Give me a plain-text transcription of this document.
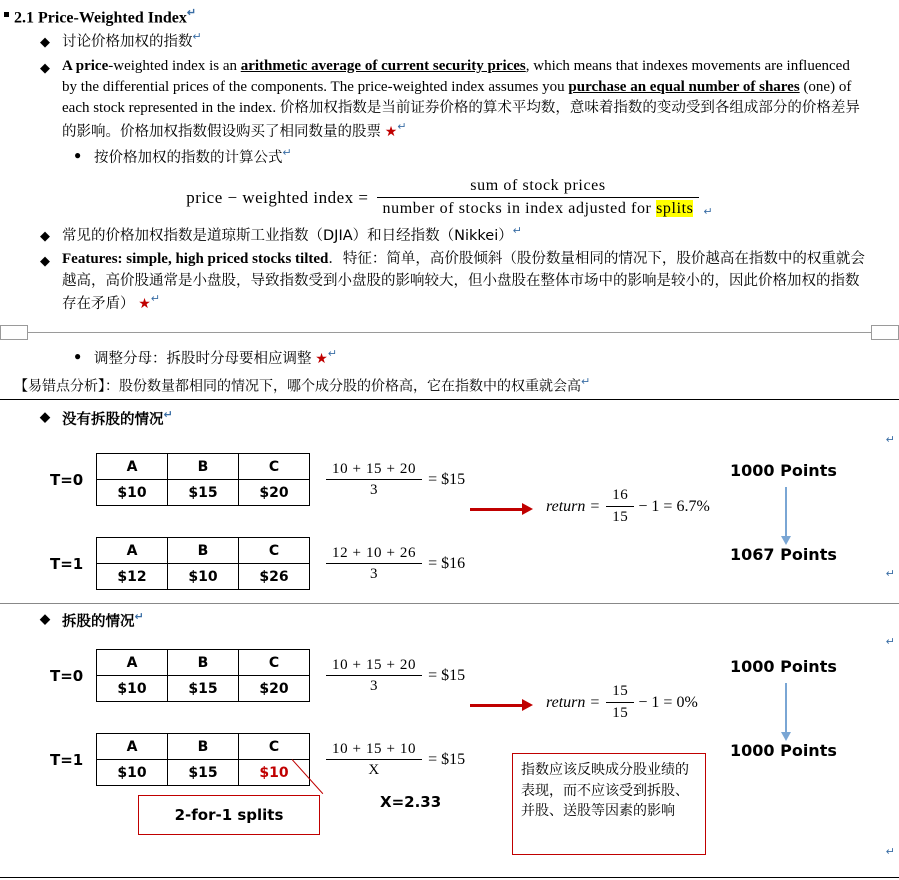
2.1 Price-Weighted Index↵
◆ 讨论价格加权的指数↵
◆ A price-weighted index is an arithmetic average of current security prices, which means that indexes movements are influenced by the differential prices of the components. The price-weighted index assumes you purchase an equal number of shares (one) of each stock represented in the index. 价格加权指数是当前证券价格的算术平均数，意味着指数的变动受到各组成部分的价格差异的影响。价格加权指数假设购买了相同数量的股票 ★↵
● 按价格加权的指数的计算公式↵
price − weighted index = $\frac{\text{sum of stock prices}}{\text{number of stocks in index adjusted for splits}}$ ↵
◆ 常见的价格加权指数是道琼斯工业指数（DJIA）和日经指数（Nikkei）↵
◆ Features: simple, high priced stocks tilted．特征：简单，高价股倾斜（股份数量相同的情况下，股价越高在指数中的权重就会越高，高价股通常是小盘股，导致指数受到小盘股的影响较大，但小盘股在整体市场中的影响是较小的，因此价格加权的指数存在矛盾） ★↵
● 调整分母：拆股时分母要相应调整 ★↵
【易错点分析】：股份数量都相同的情况下，哪个成分股的价格高，它在指数中的权重就会高↵
◆ 没有拆股的情况↵
↵
T=0
A	B	C
$10	$15	$20 $\frac{10 + 15 + 20}{3}$ = $15
T=1
A	B	C
$12	$10	$26 $\frac{12 + 10 + 26}{3}$ = $16
return = $\frac{16}{15} - 1 = 6.7\%$
1000 Points
1067 Points
↵
◆ 拆股的情况↵
↵
T=0
A	B	C
$10	$15	$20 $\frac{10 + 15 + 20}{3}$ = $15
T=1
A	B	C
$10	$15	$10 $\frac{10 + 15 + 10}{X}$ = $15
return = $\frac{15}{15} - 1 = 0\%$
1000 Points
1000 Points
X=2.33
2-for-1 splits
指数应该反映成分股业绩的表现，而不应该受到拆股、并股、送股等因素的影响
↵
